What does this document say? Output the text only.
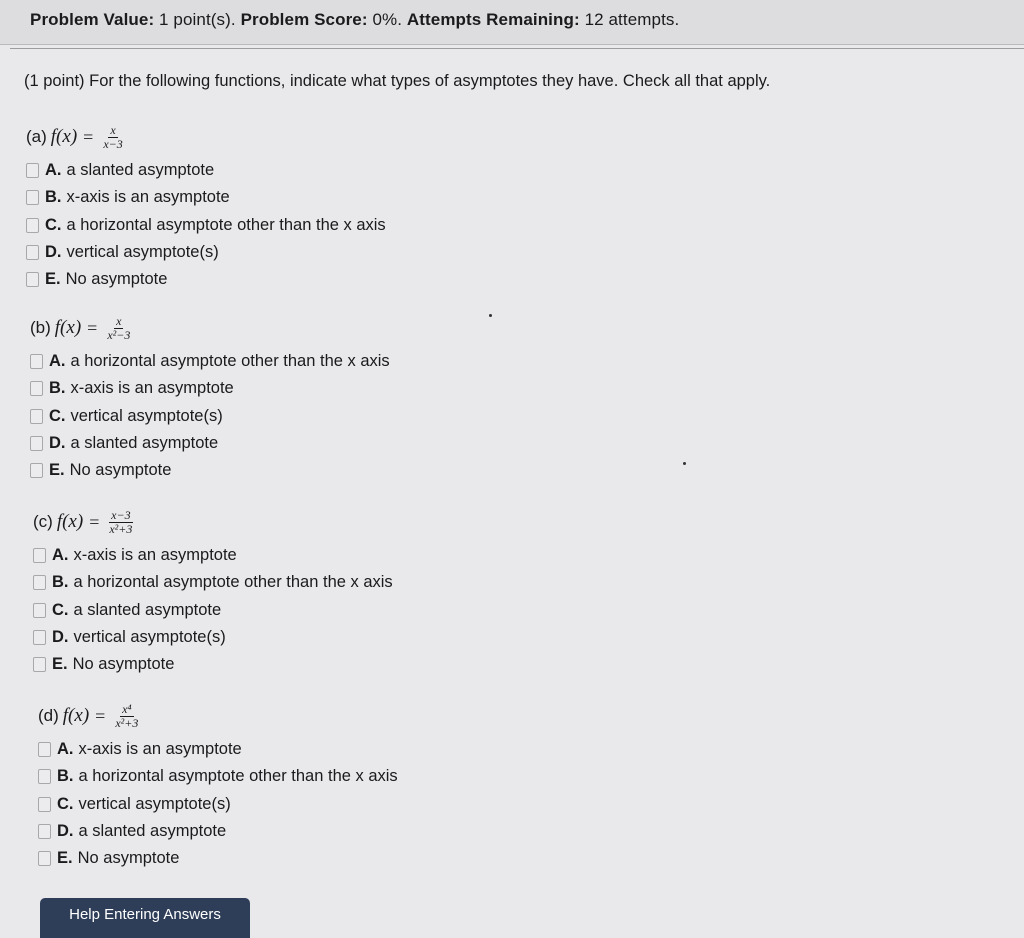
Problem Value: 1 point(s). Problem Score: 0%. Attempts Remaining: 12 attempts.
(1 point) For the following functions, indicate what types of asymptotes they have. Check all that apply.
(a) $f(x) = \frac{x}{x-3}$
A. a slanted asymptote
B. x-axis is an asymptote
C. a horizontal asymptote other than the x axis
D. vertical asymptote(s)
E. No asymptote
(b) $f(x) = \frac{x}{\text{x²−3}}$
A. a horizontal asymptote other than the x axis
B. x-axis is an asymptote
C. vertical asymptote(s)
D. a slanted asymptote
E. No asymptote
(c) $f(x) = \frac{x-3}{\text{x²+3}}$
A. x-axis is an asymptote
B. a horizontal asymptote other than the x axis
C. a slanted asymptote
D. vertical asymptote(s)
E. No asymptote
(d) $f(x) = \frac{\text{x⁴}}{\text{x²+3}}$
A. x-axis is an asymptote
B. a horizontal asymptote other than the x axis
C. vertical asymptote(s)
D. a slanted asymptote
E. No asymptote
Help Entering Answers
